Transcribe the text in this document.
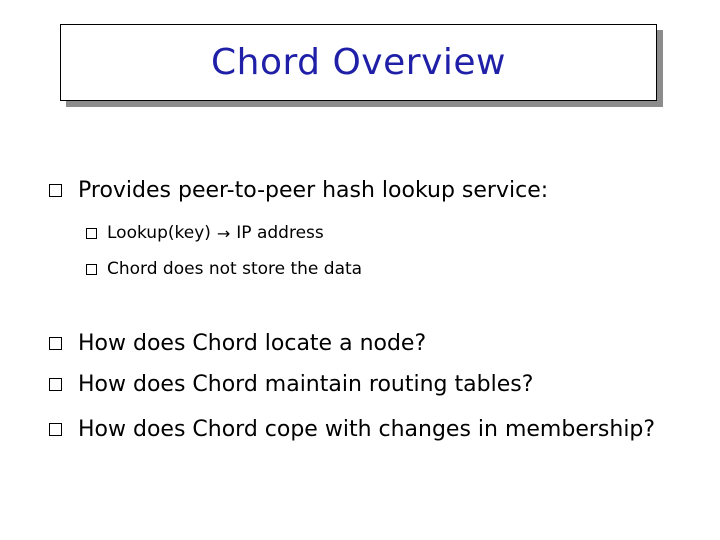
Chord Overview
Provides peer-to-peer hash lookup service:
Lookup(key) → IP address
Chord does not store the data
How does Chord locate a node?
How does Chord maintain routing tables?
How does Chord cope with changes in membership?
